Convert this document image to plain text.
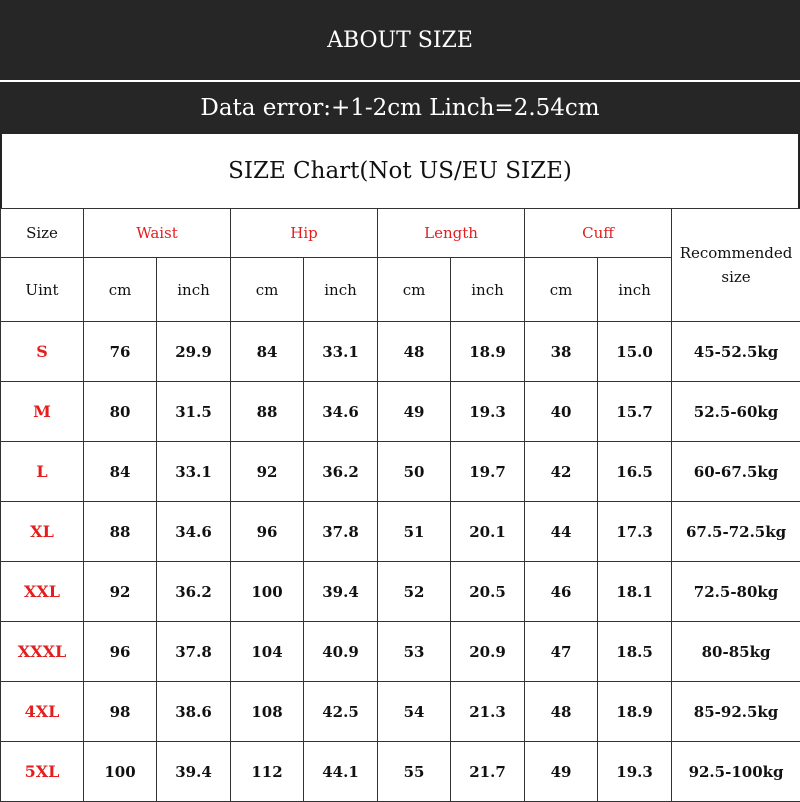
ABOUT SIZE
Data error:+1-2cm Linch=2.54cm
SIZE Chart(Not US/EU SIZE)
Size	Waist		Hip		Length		Cuff		Recommended size
Uint	cm	inch	cm	inch	cm	inch	cm	inch	
S	76	29.9	84	33.1	48	18.9	38	15.0	45-52.5kg
M	80	31.5	88	34.6	49	19.3	40	15.7	52.5-60kg
L	84	33.1	92	36.2	50	19.7	42	16.5	60-67.5kg
XL	88	34.6	96	37.8	51	20.1	44	17.3	67.5-72.5kg
XXL	92	36.2	100	39.4	52	20.5	46	18.1	72.5-80kg
XXXL	96	37.8	104	40.9	53	20.9	47	18.5	80-85kg
4XL	98	38.6	108	42.5	54	21.3	48	18.9	85-92.5kg
5XL	100	39.4	112	44.1	55	21.7	49	19.3	92.5-100kg
